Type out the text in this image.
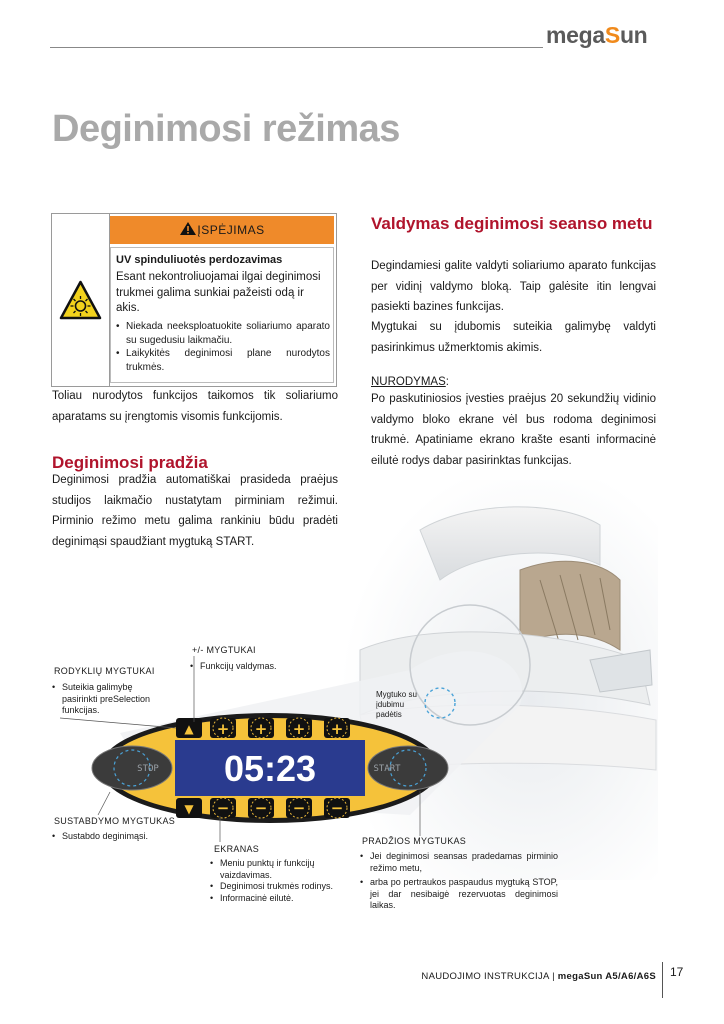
megaSun
Deginimosi režimas
ĮSPĖJIMAS
UV spinduliuotės perdozavimas
Esant nekontroliuojamai ilgai deginimosi trukmei galima sunkiai pažeisti odą ir akis.
• Niekada neeksploatuokite soliariumo aparato su sugedusiu laikmačiu.
• Laikykitės deginimosi plane nurodytos trukmės.
Toliau nurodytos funkcijos taikomos tik soliariumo aparatams su įrengtomis visomis funkcijomis.
Deginimosi pradžia
Deginimosi pradžia automatiškai prasideda praėjus studijos laikmačio nustatytam pirminiam režimui. Pirminio režimo metu galima rankiniu būdu pradėti deginimąsi spaudžiant mygtuką START.
Valdymas deginimosi seanso metu
Degindamiesi galite valdyti soliariumo aparato funkcijas per vidinį valdymo bloką. Taip galėsite itin lengvai pasiekti bazines funkcijas.
Mygtukai su įdubomis suteikia galimybę valdyti pasirinkimus užmerktomis akimis.
NURODYMAS:
Po paskutiniosios įvesties praėjus 20 sekundžių vidinio valdymo bloko ekrane vėl bus rodoma deginimosi trukmė. Apatiniame ekrano krašte esanti informacinė eilutė rodys dabar pasirinktas funkcijas.
▲ + + + +
▼ − − − −
05:23
STOP	START
+/- MYGTUKAI
• Funkcijų valdymas.
RODYKLIŲ MYGTUKAI
• Suteikia galimybę pasirinkti preSelection funkcijas.
Mygtuko su įdubimu padėtis
SUSTABDYMO MYGTUKAS
• Sustabdo deginimąsi.
EKRANAS
• Meniu punktų ir funkcijų vaizdavimas.
• Deginimosi trukmės rodinys.
• Informacinė eilutė.
PRADŽIOS MYGTUKAS
• Jei deginimosi seansas pradedamas pirminio režimo metu,
• arba po pertraukos paspaudus mygtuką STOP, jei dar nesibaigė rezervuotas deginimosi laikas.
NAUDOJIMO INSTRUKCIJA | megaSun A5/A6/A6S 17
